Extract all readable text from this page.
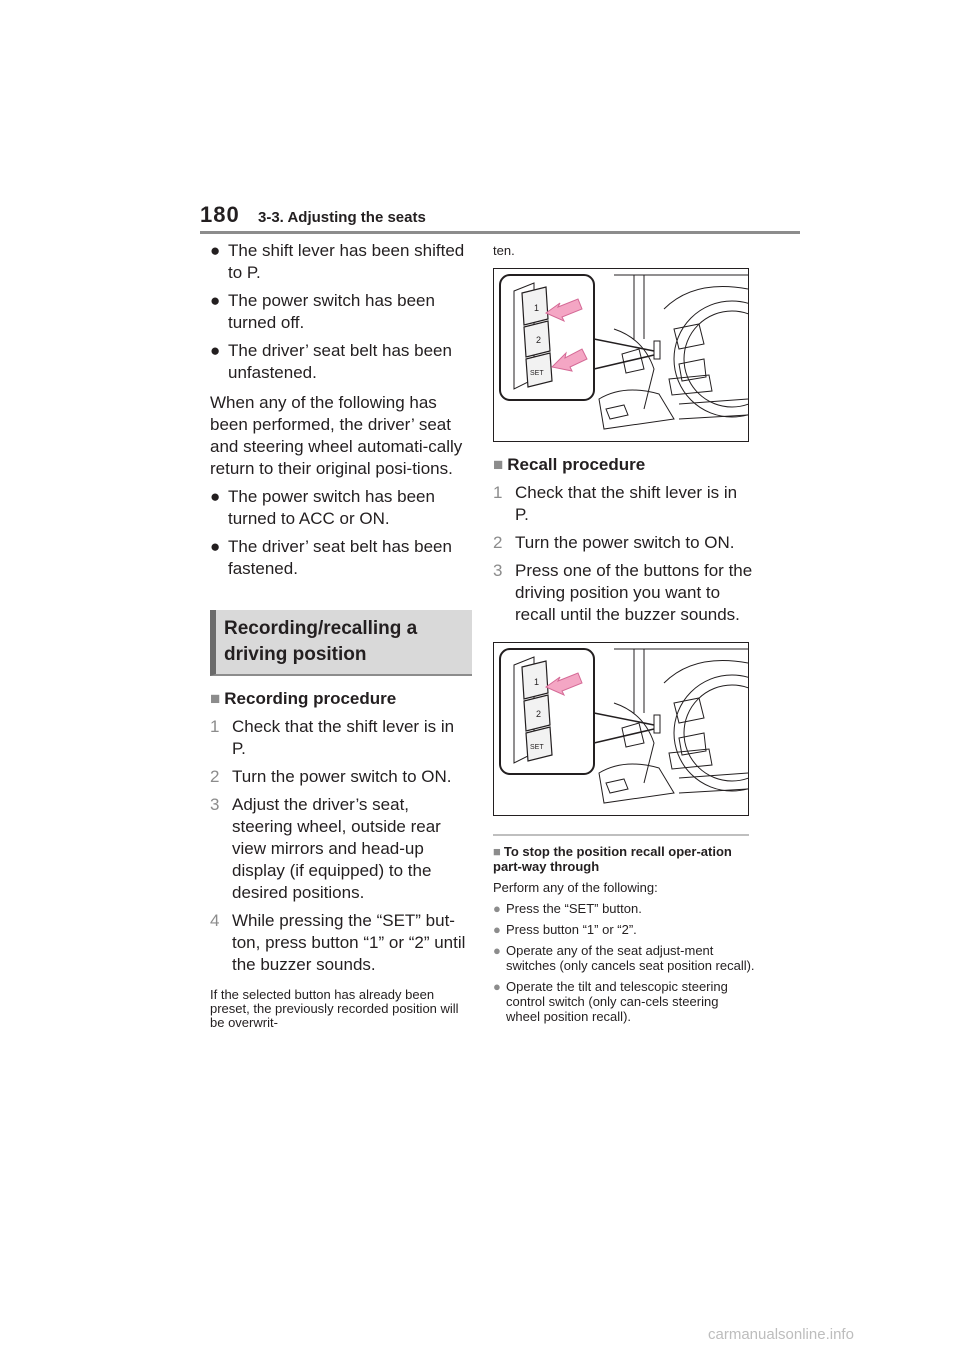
180 3-3. Adjusting the seats
● The shift lever has been shifted to P.
● The power switch has been turned off.
● The driver’ seat belt has been unfastened.

When any of the following has been performed, the driver’ seat and steering wheel automati-cally return to their original posi-tions.

● The power switch has been turned to ACC or ON.
● The driver’ seat belt has been fastened.
Recording/recalling a driving position
■ Recording procedure
1 Check that the shift lever is in P.
2 Turn the power switch to ON.
3 Adjust the driver’s seat, steering wheel, outside rear view mirrors and head-up display (if equipped) to the desired positions.
4 While pressing the “SET” but-ton, press button “1” or “2” until the buzzer sounds.

If the selected button has already been preset, the previously recorded position will be overwrit-

ten.
1
2
SET
■ Recall procedure
1 Check that the shift lever is in P.
2 Turn the power switch to ON.
3 Press one of the buttons for the driving position you want to recall until the buzzer sounds.
1
2
SET
■ To stop the position recall oper-ation part-way through
Perform any of the following:
● Press the “SET” button.
● Press button “1” or “2”.
● Operate any of the seat adjust-ment switches (only cancels seat position recall).
● Operate the tilt and telescopic steering control switch (only can-cels steering wheel position recall).
carmanualsonline.info
